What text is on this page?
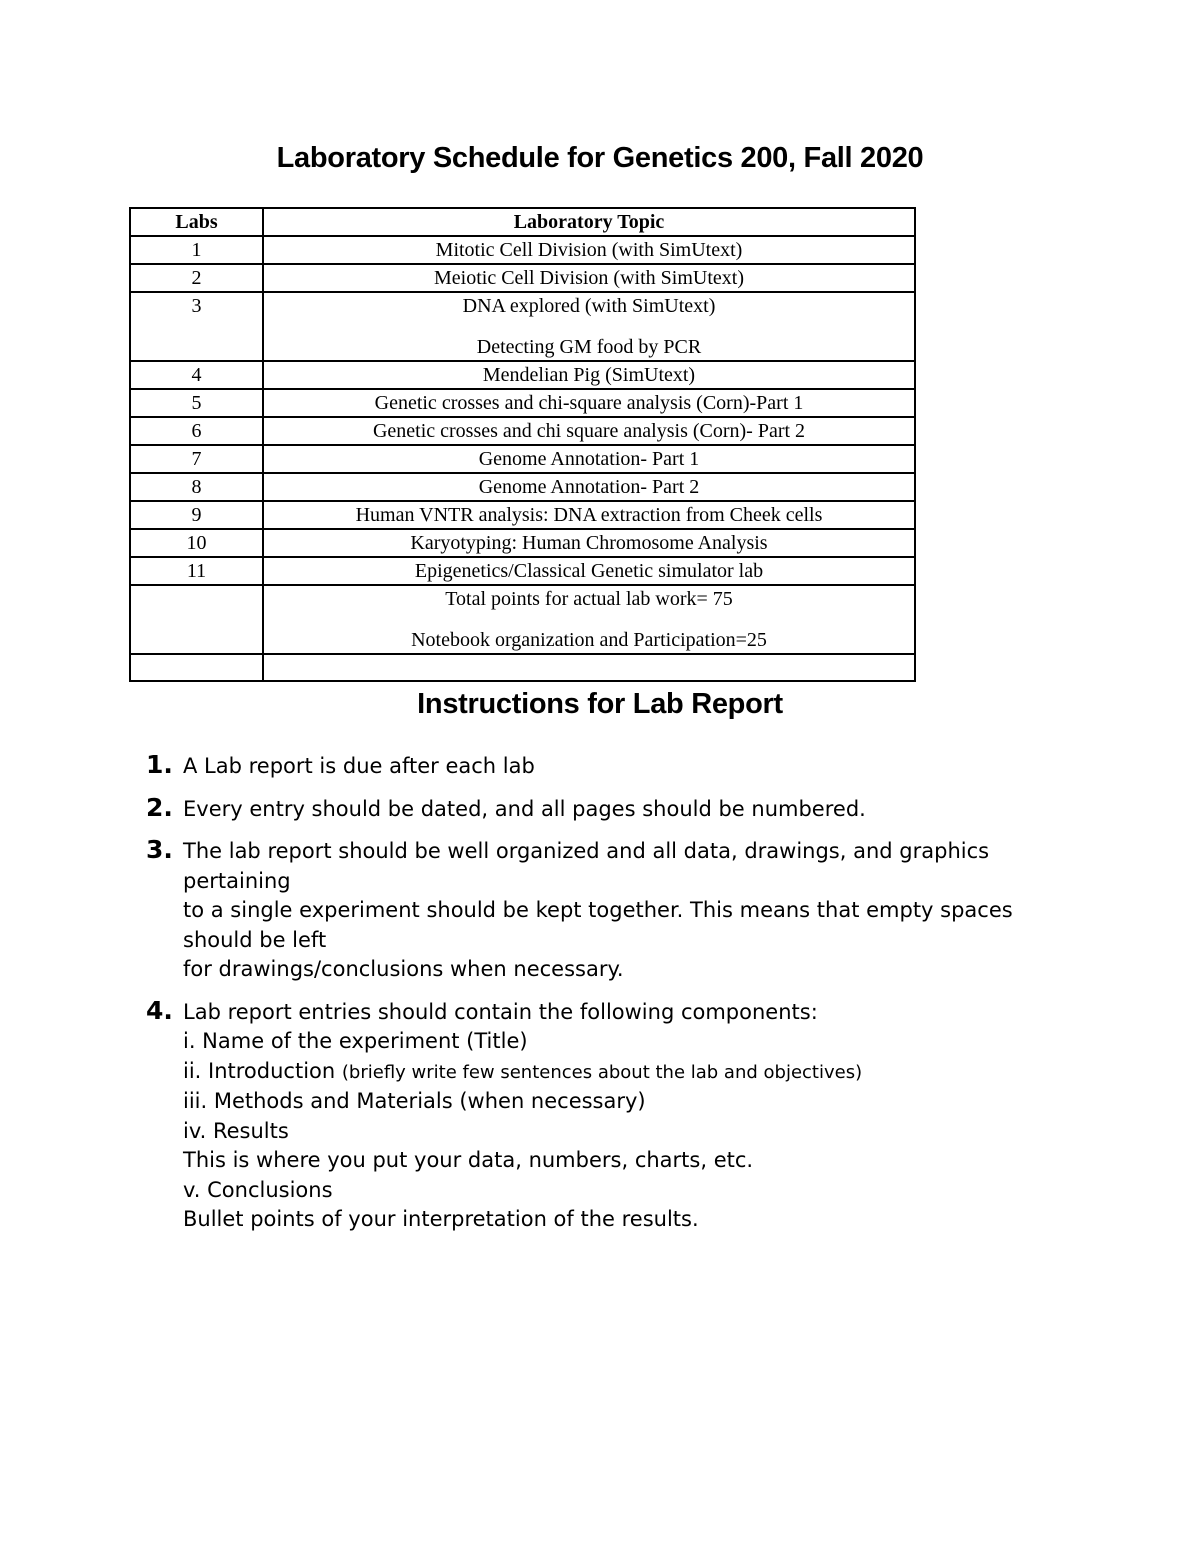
Laboratory Schedule for Genetics 200, Fall 2020
Labs	Laboratory Topic
1	Mitotic Cell Division (with SimUtext)
2	Meiotic Cell Division (with SimUtext)
3	DNA explored (with SimUtext)
Detecting GM food by PCR

4	Mendelian Pig (SimUtext)
5	Genetic crosses and chi-square analysis (Corn)-Part 1
6	Genetic crosses and chi square analysis (Corn)- Part 2
7	Genome Annotation- Part 1
8	Genome Annotation- Part 2
9	Human VNTR analysis: DNA extraction from Cheek cells
10	Karyotyping: Human Chromosome Analysis
11	Epigenetics/Classical Genetic simulator lab

	Total points for actual lab work= 75
Notebook organization and Participation=25

Instructions for Lab Report
1. A Lab report is due after each lab
2. Every entry should be dated, and all pages should be numbered.
3. The lab report should be well organized and all data, drawings, and graphics pertaining
to a single experiment should be kept together. This means that empty spaces should be left
for drawings/conclusions when necessary.
4. Lab report entries should contain the following components:
i. Name of the experiment (Title)
ii. Introduction (briefly write few sentences about the lab and objectives)
iii. Methods and Materials (when necessary)
iv. Results
This is where you put your data, numbers, charts, etc.
v. Conclusions
Bullet points of your interpretation of the results.
